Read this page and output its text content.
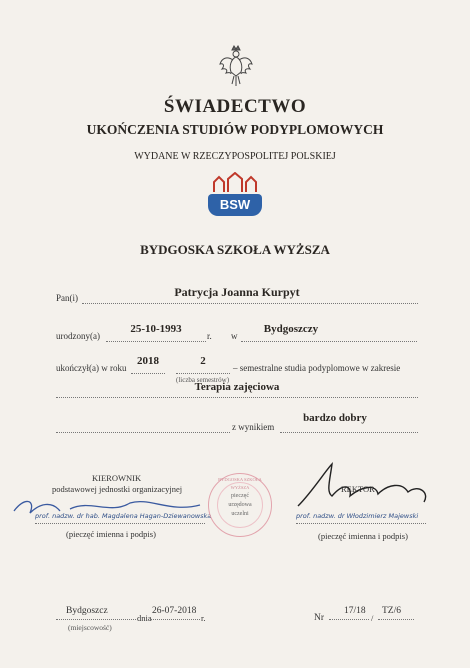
ŚWIADECTWO
UKOŃCZENIA STUDIÓW PODYPLOMOWYCH
WYDANE W RZECZYPOSPOLITEJ POLSKIEJ
BSW
BYDGOSKA SZKOŁA WYŻSZA
Pan(i)	Patrycja Joanna Kurpyt
urodzony(a)
25-10-1993
r. w
Bydgoszczy
ukończył(a) w roku
2018	2
(liczba semestrów)
– semestralne studia podyplomowe w zakresie
Terapia zajęciowa
z wynikiem
bardzo dobry
KIEROWNIK
podstawowej jednostki organizacyjnej
prof. nadzw. dr hab. Magdalena Hagan-Dziewanowska
(pieczęć imienna i podpis)
pieczęć
urzędowa
uczelni
BYDGOSKA SZKOŁA WYŻSZA	REKTOR
prof. nadzw. dr Włodzimierz Majewski
(pieczęć imienna i podpis)
Bydgoszcz
(miejscowość)
dnia
26-07-2018
r.	Nr
17/18
/
TZ/6
